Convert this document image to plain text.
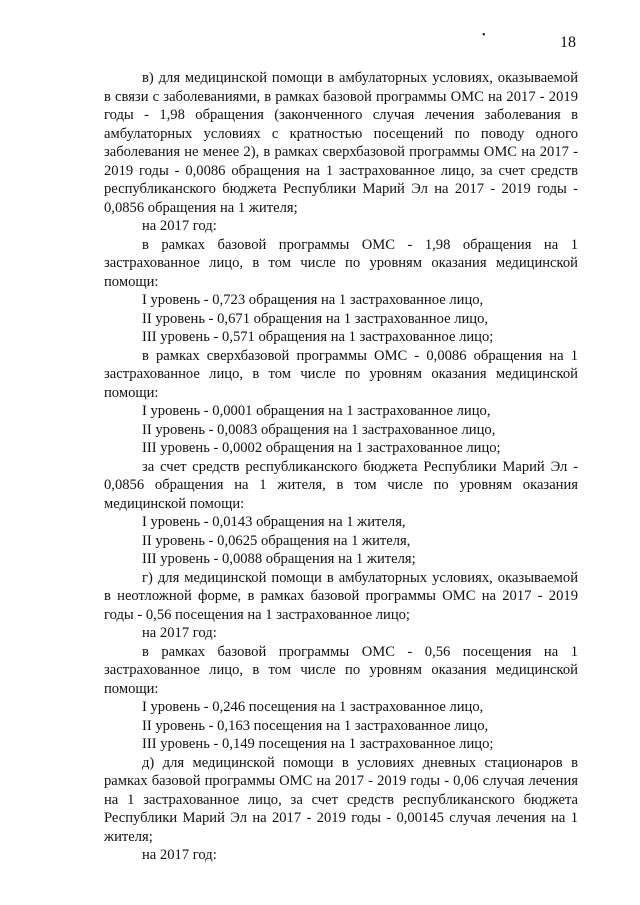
•	18

в) для медицинской помощи в амбулаторных условиях, оказываемой в связи с заболеваниями, в рамках базовой программы ОМС на 2017 - 2019 годы - 1,98 обращения (законченного случая лечения заболевания в амбулаторных условиях с кратностью посещений по поводу одного заболевания не менее 2), в рамках сверхбазовой программы ОМС на 2017 - 2019 годы - 0,0086 обращения на 1 застрахованное лицо, за счет средств республиканского бюджета Республики Марий Эл на 2017 - 2019 годы - 0,0856 обращения на 1 жителя;

на 2017 год:

в рамках базовой программы ОМС - 1,98 обращения на 1 застрахованное лицо, в том числе по уровням оказания медицинской помощи:

I уровень - 0,723 обращения на 1 застрахованное лицо,

II уровень - 0,671 обращения на 1 застрахованное лицо,

III уровень - 0,571 обращения на 1 застрахованное лицо;

в рамках сверхбазовой программы ОМС - 0,0086 обращения на 1 застрахованное лицо, в том числе по уровням оказания медицинской помощи:

I уровень - 0,0001 обращения на 1 застрахованное лицо,

II уровень - 0,0083 обращения на 1 застрахованное лицо,

III уровень - 0,0002 обращения на 1 застрахованное лицо;

за счет средств республиканского бюджета Республики Марий Эл - 0,0856 обращения на 1 жителя, в том числе по уровням оказания медицинской помощи:

I уровень - 0,0143 обращения на 1 жителя,

II уровень - 0,0625 обращения на 1 жителя,

III уровень - 0,0088 обращения на 1 жителя;

г) для медицинской помощи в амбулаторных условиях, оказываемой в неотложной форме, в рамках базовой программы ОМС на 2017 - 2019 годы - 0,56 посещения на 1 застрахованное лицо;

на 2017 год:

в рамках базовой программы ОМС - 0,56 посещения на 1 застрахованное лицо, в том числе по уровням оказания медицинской помощи:

I уровень - 0,246 посещения на 1 застрахованное лицо,

II уровень - 0,163 посещения на 1 застрахованное лицо,

III уровень - 0,149 посещения на 1 застрахованное лицо;

д) для медицинской помощи в условиях дневных стационаров в рамках базовой программы ОМС на 2017 - 2019 годы - 0,06 случая лечения на 1 застрахованное лицо, за счет средств республиканского бюджета Республики Марий Эл на 2017 - 2019 годы - 0,00145 случая лечения на 1 жителя;

на 2017 год:
